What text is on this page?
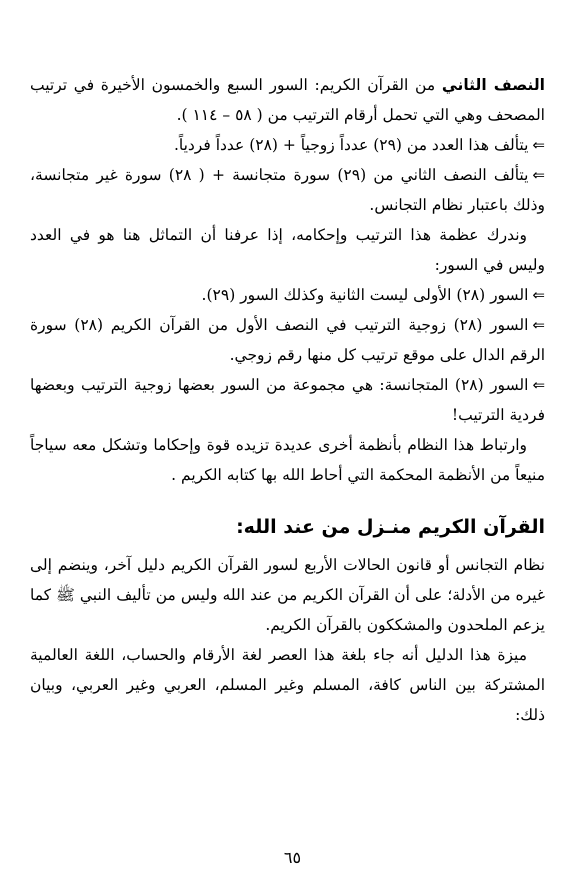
النصف الثاني من القرآن الكريم: السور السبع والخمسون الأخيرة في ترتيب المصحف وهي التي تحمل أرقام الترتيب من ( ٥٨ – ١١٤ ).

⇐يتألف هذا العدد من (٢٩) عدداً زوجياً + (٢٨) عدداً فردياً.

⇐يتألف النصف الثاني من (٢٩) سورة متجانسة + ( ٢٨) سورة غير متجانسة، وذلك باعتبار نظام التجانس.

وندرك عظمة هذا الترتيب وإحكامه، إذا عرفنا أن التماثل هنا هو في العدد وليس في السور:

⇐السور (٢٨) الأولى ليست الثانية وكذلك السور (٢٩).

⇐السور (٢٨) زوجية الترتيب في النصف الأول من القرآن الكريم (٢٨) سورة الرقم الدال على موقع ترتيب كل منها رقم زوجي.

⇐السور (٢٨) المتجانسة: هي مجموعة من السور بعضها زوجية الترتيب وبعضها فردية الترتيب!

وارتباط هذا النظام بأنظمة أخرى عديدة تزيده قوة وإحكاما وتشكل معه سياجاً منيعاً من الأنظمة المحكمة التي أحاط الله بها كتابه الكريم .

القرآن الكريم منـزل من عند الله:

نظام التجانس أو قانون الحالات الأربع لسور القرآن الكريم دليل آخر، وينضم إلى غيره من الأدلة؛ على أن القرآن الكريم من عند الله وليس من تأليف النبي ﷺ كما يزعم الملحدون والمشككون بالقرآن الكريم.

ميزة هذا الدليل أنه جاء بلغة هذا العصر لغة الأرقام والحساب، اللغة العالمية المشتركة بين الناس كافة، المسلم وغير المسلم، العربي وغير العربي، وبيان ذلك:

٦٥
